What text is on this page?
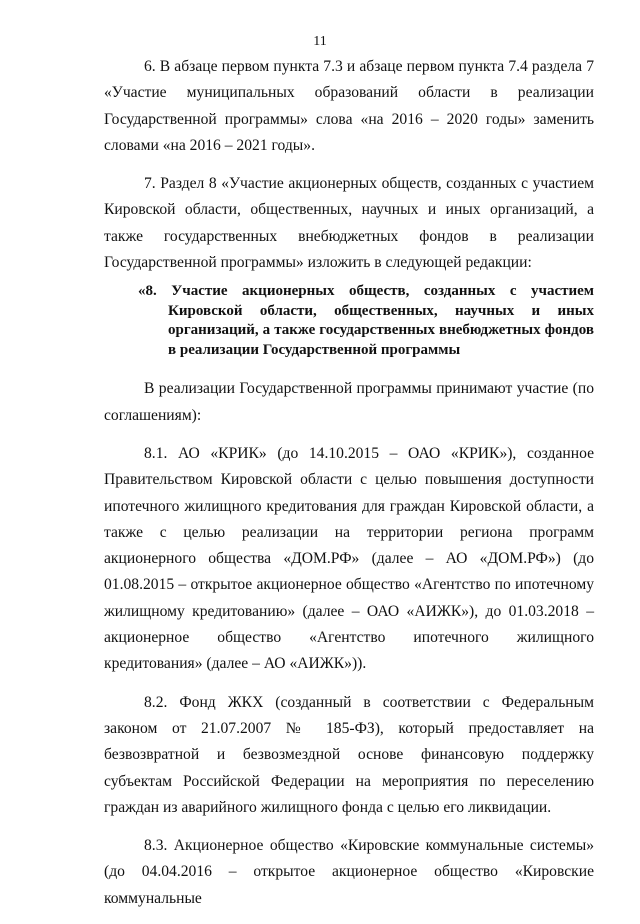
11

6. В абзаце первом пункта 7.3 и абзаце первом пункта 7.4 раздела 7 «Участие муниципальных образований области в реализации Государственной программы» слова «на 2016 – 2020 годы» заменить словами «на 2016 – 2021 годы».

7. Раздел 8 «Участие акционерных обществ, созданных с участием Кировской области, общественных, научных и иных организаций, а также государственных внебюджетных фондов в реализации Государственной программы» изложить в следующей редакции:

«8. Участие акционерных обществ, созданных с участием Кировской области, общественных, научных и иных организаций, а также государственных внебюджетных фондов в реализации Государственной программы

В реализации Государственной программы принимают участие (по соглашениям):

8.1. АО «КРИК» (до 14.10.2015 – ОАО «КРИК»), созданное Правительством Кировской области с целью повышения доступности ипотечного жилищного кредитования для граждан Кировской области, а также с целью реализации на территории региона программ акционерного общества «ДОМ.РФ» (далее – АО «ДОМ.РФ») (до 01.08.2015 – открытое акционерное общество «Агентство по ипотечному жилищному кредитованию» (далее – ОАО «АИЖК»), до 01.03.2018 – акционерное общество «Агентство ипотечного жилищного кредитования» (далее – АО «АИЖК»)).

8.2. Фонд ЖКХ (созданный в соответствии с Федеральным законом от 21.07.2007 № 185-ФЗ), который предоставляет на безвозвратной и безвозмездной основе финансовую поддержку субъектам Российской Федерации на мероприятия по переселению граждан из аварийного жилищного фонда с целью его ликвидации.

8.3. Акционерное общество «Кировские коммунальные системы» (до 04.04.2016 – открытое акционерное общество «Кировские коммунальные
